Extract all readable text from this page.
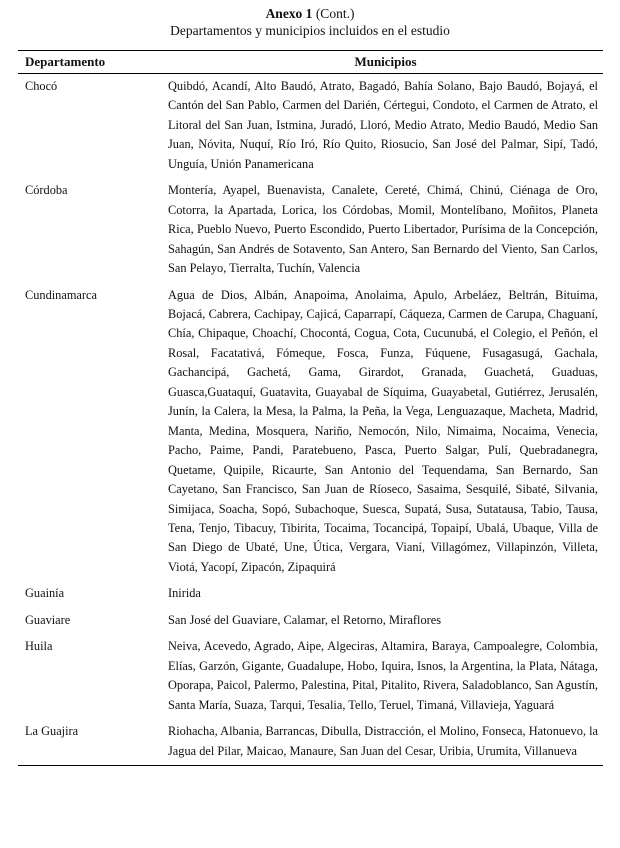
Anexo 1 (Cont.)
Departamentos y municipios incluidos en el estudio
Departamento	Municipios
Chocó	Quibdó, Acandí, Alto Baudó, Atrato, Bagadó, Bahía Solano, Bajo Baudó, Bojayá, el Cantón del San Pablo, Carmen del Darién, Cértegui, Condoto, el Carmen de Atrato, el Litoral del San Juan, Istmina, Juradó, Lloró, Medio Atrato, Medio Baudó, Medio San Juan, Nóvita, Nuquí, Río Iró, Río Quito, Riosucio, San José del Palmar, Sipí, Tadó, Unguía, Unión Panamericana
Córdoba	Montería, Ayapel, Buenavista, Canalete, Cereté, Chimá, Chinú, Ciénaga de Oro, Cotorra, la Apartada, Lorica, los Córdobas, Momil, Montelíbano, Moñitos, Planeta Rica, Pueblo Nuevo, Puerto Escondido, Puerto Libertador, Purísima de la Concepción, Sahagún, San Andrés de Sotavento, San Antero, San Bernardo del Viento, San Carlos, San Pelayo, Tierralta, Tuchín, Valencia
Cundinamarca	Agua de Dios, Albán, Anapoima, Anolaima, Apulo, Arbeláez, Beltrán, Bituima, Bojacá, Cabrera, Cachipay, Cajicá, Caparrapí, Cáqueza, Carmen de Carupa, Chaguaní, Chía, Chipaque, Choachí, Chocontá, Cogua, Cota, Cucunubá, el Colegio, el Peñón, el Rosal, Facatativá, Fómeque, Fosca, Funza, Fúquene, Fusagasugá, Gachala, Gachancipá, Gachetá, Gama, Girardot, Granada, Guachetá, Guaduas, Guasca,Guataquí, Guatavita, Guayabal de Síquima, Guayabetal, Gutiérrez, Jerusalén, Junín, la Calera, la Mesa, la Palma, la Peña, la Vega, Lenguazaque, Macheta, Madrid, Manta, Medina, Mosquera, Nariño, Nemocón, Nilo, Nimaima, Nocaima, Venecia, Pacho, Paime, Pandi, Paratebueno, Pasca, Puerto Salgar, Pulí, Quebradanegra, Quetame, Quipile, Ricaurte, San Antonio del Tequendama, San Bernardo, San Cayetano, San Francisco, San Juan de Ríoseco, Sasaima, Sesquilé, Sibaté, Silvania, Simijaca, Soacha, Sopó, Subachoque, Suesca, Supatá, Susa, Sutatausa, Tabio, Tausa, Tena, Tenjo, Tibacuy, Tibirita, Tocaima, Tocancipá, Topaipí, Ubalá, Ubaque, Villa de San Diego de Ubaté, Une, Útica, Vergara, Vianí, Villagómez, Villapinzón, Villeta, Viotá, Yacopí, Zipacón, Zipaquirá
Guainía	Inirida
Guaviare	San José del Guaviare, Calamar, el Retorno, Miraflores
Huila	Neiva, Acevedo, Agrado, Aipe, Algeciras, Altamira, Baraya, Campoalegre, Colombia, Elías, Garzón, Gigante, Guadalupe, Hobo, Iquira, Isnos, la Argentina, la Plata, Nátaga, Oporapa, Paicol, Palermo, Palestina, Pital, Pitalito, Rivera, Saladoblanco, San Agustín, Santa María, Suaza, Tarqui, Tesalia, Tello, Teruel, Timaná, Villavieja, Yaguará
La Guajira	Riohacha, Albania, Barrancas, Dibulla, Distracción, el Molino, Fonseca, Hatonuevo, la Jagua del Pilar, Maicao, Manaure, San Juan del Cesar, Uribia, Urumita, Villanueva
